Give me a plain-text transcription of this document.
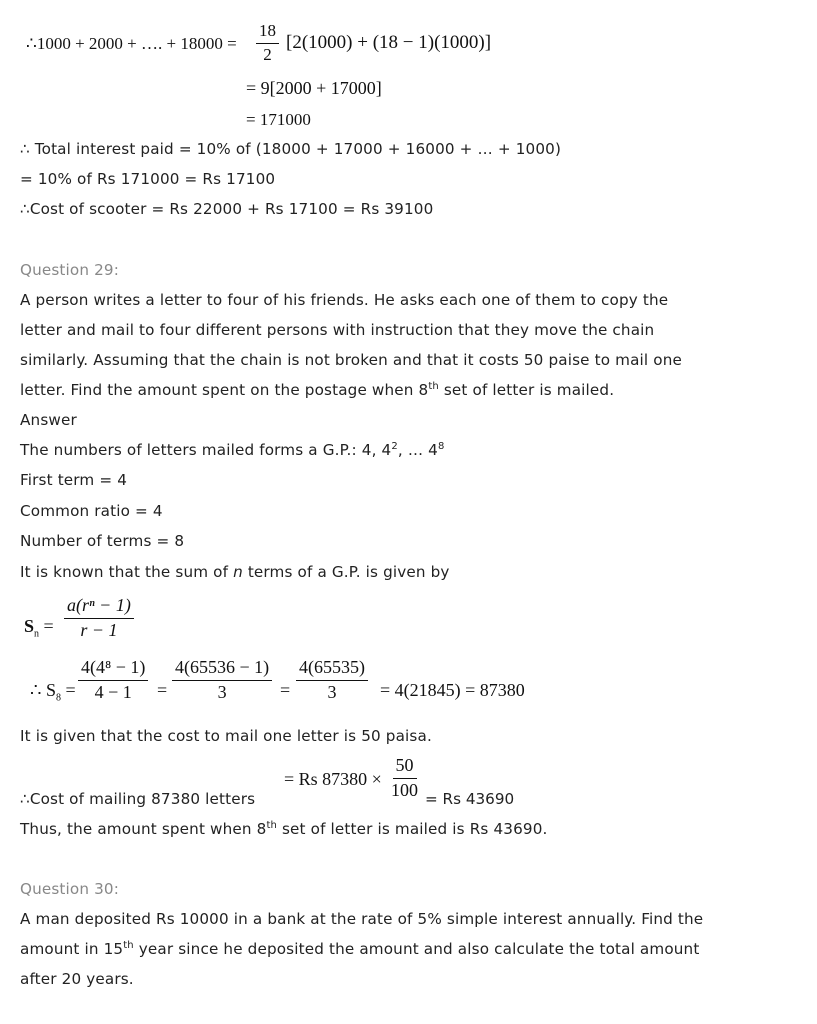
∴1000 + 2000 + …. + $18000 = \frac{18}{2} [2(1000) + (18 - 1)(1000)]$
= 9[2000 + 17000]
= 171000
∴ Total interest paid = 10% of (18000 + 17000 + 16000 + … + 1000)
= 10% of Rs 171000 = Rs 17100
∴Cost of scooter = Rs 22000 + Rs 17100 = Rs 39100
Question 29:
A person writes a letter to four of his friends. He asks each one of them to copy the
letter and mail to four different persons with instruction that they move the chain
similarly. Assuming that the chain is not broken and that it costs 50 paise to mail one
letter. Find the amount spent on the postage when 8th set of letter is mailed.
Answer
The numbers of letters mailed forms a G.P.: 4, $4^2$, … $4^8$
First term = 4
Common ratio = 4
Number of terms = 8
It is known that the sum of n terms of a G.P. is given by
$S_n = \frac{\text{a(rⁿ − 1)}}{r - 1}$
∴ $S_8 = \frac{\text{4(4⁸ − 1)}}{4 - 1} = \frac{4(65536 - 1)}{3} = \frac{4(65535)}{3} = 4(21845) = 87380$
It is given that the cost to mail one letter is 50 paisa.
= Rs $87380 \times \frac{50}{100}$
∴Cost of mailing 87380 letters	= Rs 43690
Thus, the amount spent when 8th set of letter is mailed is Rs 43690.
Question 30:
A man deposited Rs 10000 in a bank at the rate of 5% simple interest annually. Find the
amount in 15th year since he deposited the amount and also calculate the total amount
after 20 years.
